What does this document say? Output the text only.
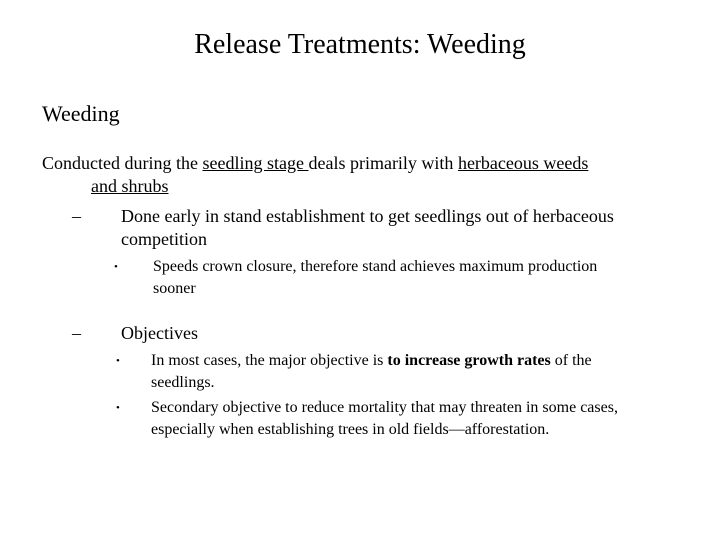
Release Treatments: Weeding
Weeding
Conducted during the seedling stage deals primarily with herbaceous weeds
and shrubs
– Done early in stand establishment to get seedlings out of herbaceous
competition
• Speeds crown closure, therefore stand achieves maximum production
sooner
– Objectives
• In most cases, the major objective is to increase growth rates of the
seedlings.
• Secondary objective to reduce mortality that may threaten in some cases,
especially when establishing trees in old fields—afforestation.
